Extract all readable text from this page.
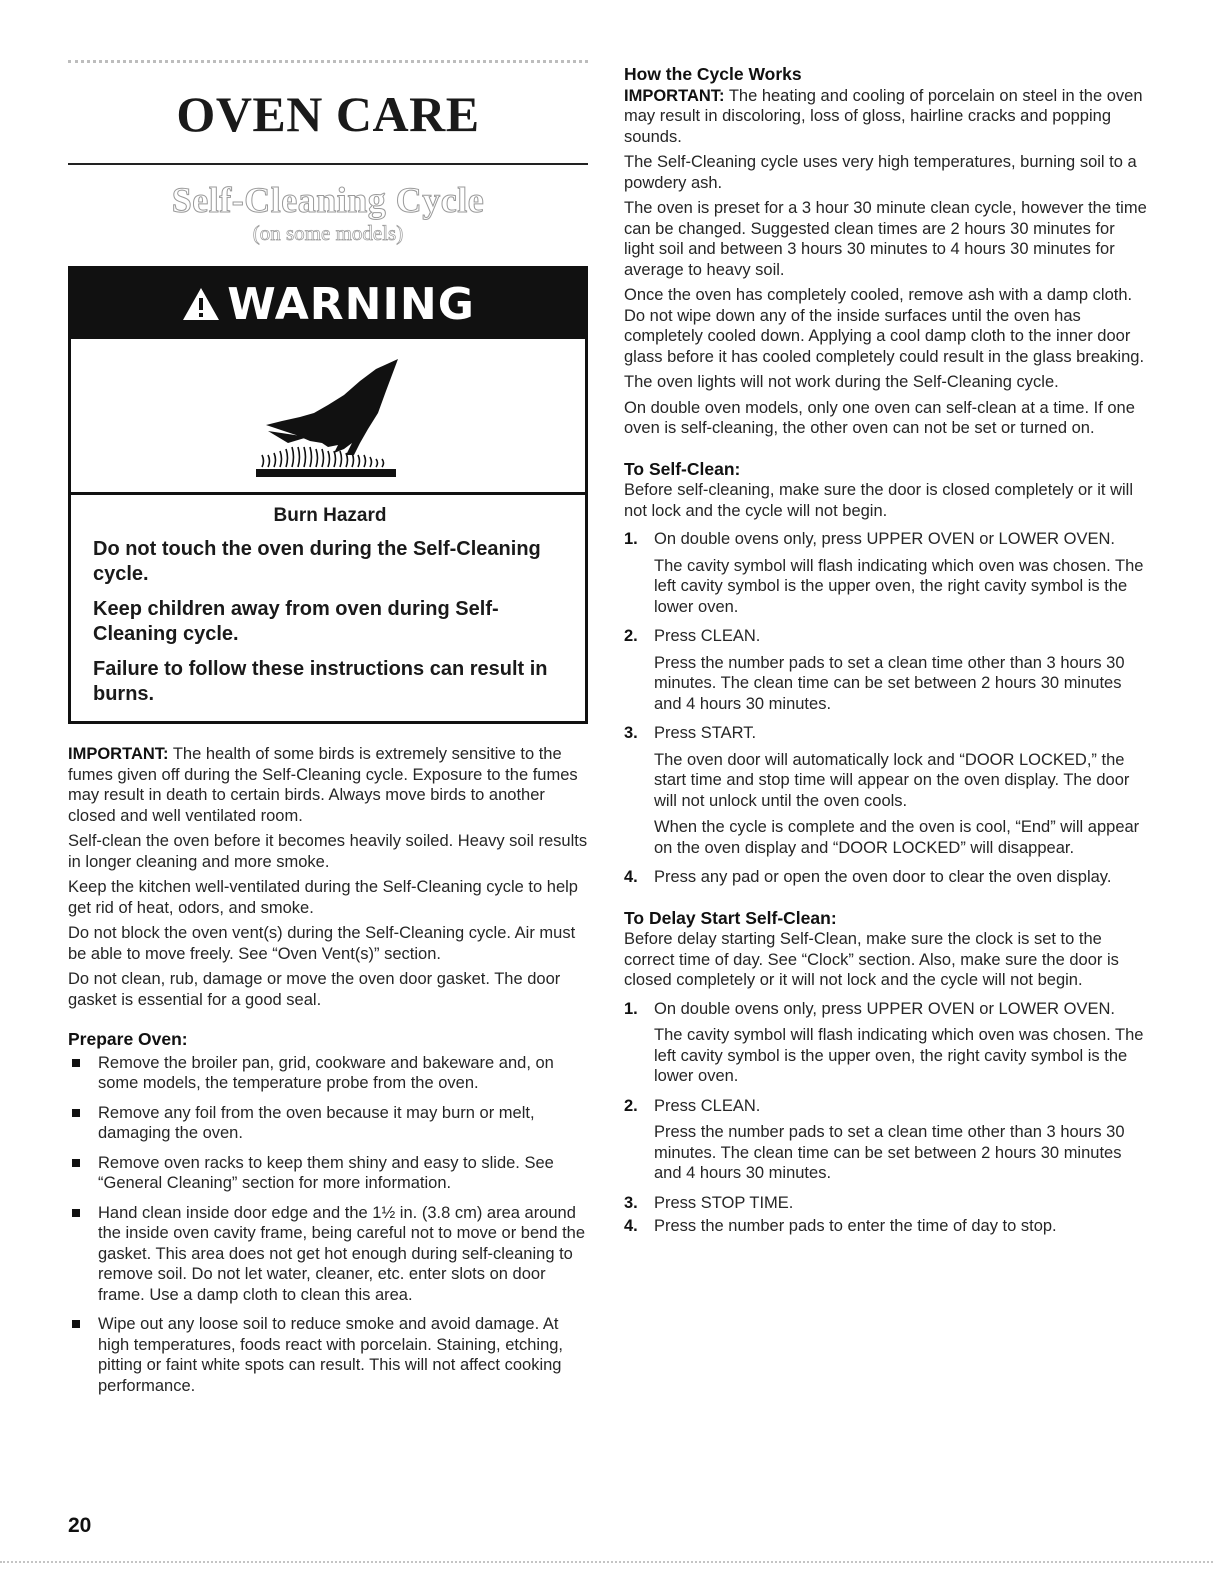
OVEN CARE
Self-Cleaning Cycle
(on some models)
WARNING
Burn Hazard
Do not touch the oven during the Self-Cleaning cycle.
Keep children away from oven during Self-Cleaning cycle.
Failure to follow these instructions can result in burns.

IMPORTANT: The health of some birds is extremely sensitive to the fumes given off during the Self-Cleaning cycle. Exposure to the fumes may result in death to certain birds. Always move birds to another closed and well ventilated room.

Self-clean the oven before it becomes heavily soiled. Heavy soil results in longer cleaning and more smoke.

Keep the kitchen well-ventilated during the Self-Cleaning cycle to help get rid of heat, odors, and smoke.

Do not block the oven vent(s) during the Self-Cleaning cycle. Air must be able to move freely. See “Oven Vent(s)” section.

Do not clean, rub, damage or move the oven door gasket. The door gasket is essential for a good seal.

Prepare Oven:
Remove the broiler pan, grid, cookware and bakeware and, on some models, the temperature probe from the oven.
Remove any foil from the oven because it may burn or melt, damaging the oven.
Remove oven racks to keep them shiny and easy to slide. See “General Cleaning” section for more information.
Hand clean inside door edge and the 1½ in. (3.8 cm) area around the inside oven cavity frame, being careful not to move or bend the gasket. This area does not get hot enough during self-cleaning to remove soil. Do not let water, cleaner, etc. enter slots on door frame. Use a damp cloth to clean this area.
Wipe out any loose soil to reduce smoke and avoid damage. At high temperatures, foods react with porcelain. Staining, etching, pitting or faint white spots can result. This will not affect cooking performance.
How the Cycle Works

IMPORTANT: The heating and cooling of porcelain on steel in the oven may result in discoloring, loss of gloss, hairline cracks and popping sounds.

The Self-Cleaning cycle uses very high temperatures, burning soil to a powdery ash.

The oven is preset for a 3 hour 30 minute clean cycle, however the time can be changed. Suggested clean times are 2 hours 30 minutes for light soil and between 3 hours 30 minutes to 4 hours 30 minutes for average to heavy soil.

Once the oven has completely cooled, remove ash with a damp cloth. Do not wipe down any of the inside surfaces until the oven has completely cooled down. Applying a cool damp cloth to the inner door glass before it has cooled completely could result in the glass breaking.

The oven lights will not work during the Self-Cleaning cycle.

On double oven models, only one oven can self-clean at a time. If one oven is self-cleaning, the other oven can not be set or turned on.

To Self-Clean:

Before self-cleaning, make sure the door is closed completely or it will not lock and the cycle will not begin.

1. On double ovens only, press UPPER OVEN or LOWER OVEN.
The cavity symbol will flash indicating which oven was chosen. The left cavity symbol is the upper oven, the right cavity symbol is the lower oven.
2. Press CLEAN.
Press the number pads to set a clean time other than 3 hours 30 minutes. The clean time can be set between 2 hours 30 minutes and 4 hours 30 minutes.
3. Press START.
The oven door will automatically lock and “DOOR LOCKED,” the start time and stop time will appear on the oven display. The door will not unlock until the oven cools.
When the cycle is complete and the oven is cool, “End” will appear on the oven display and “DOOR LOCKED” will disappear.
4. Press any pad or open the oven door to clear the oven display.
To Delay Start Self-Clean:

Before delay starting Self-Clean, make sure the clock is set to the correct time of day. See “Clock” section. Also, make sure the door is closed completely or it will not lock and the cycle will not begin.

1. On double ovens only, press UPPER OVEN or LOWER OVEN.
The cavity symbol will flash indicating which oven was chosen. The left cavity symbol is the upper oven, the right cavity symbol is the lower oven.
2. Press CLEAN.
Press the number pads to set a clean time other than 3 hours 30 minutes. The clean time can be set between 2 hours 30 minutes and 4 hours 30 minutes.
3. Press STOP TIME.
4. Press the number pads to enter the time of day to stop.
20
